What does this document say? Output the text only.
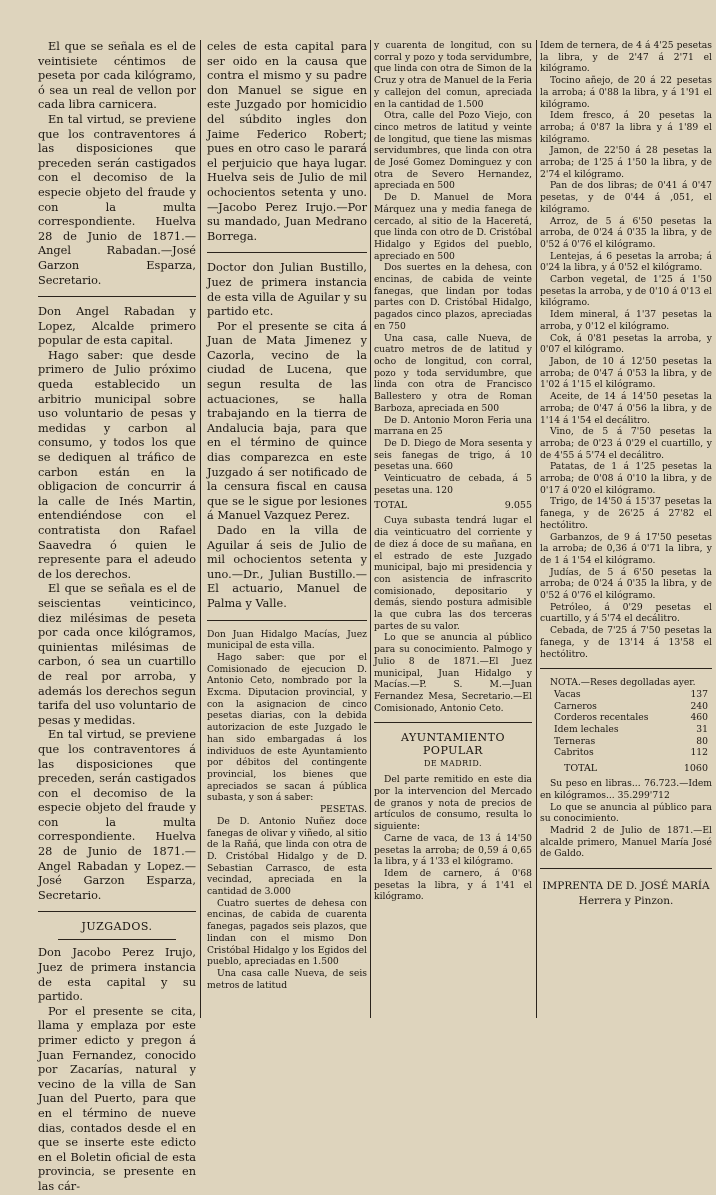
El que se señala es el de veintisiete céntimos de peseta por cada kilógramo, ó sea un real de vellon por cada libra carnicera.

En tal virtud, se previene que los contraventores á las disposiciones que preceden serán castigados con el decomiso de la especie objeto del fraude y con la multa correspondiente. Huelva 28 de Junio de 1871.—Angel Rabadan.—José Garzon Esparza, Secretario.

Don Angel Rabadan y Lopez, Alcalde primero popular de esta capital.

Hago saber: que desde primero de Julio próximo queda establecido un arbitrio municipal sobre uso voluntario de pesas y medidas y carbon al consumo, y todos los que se dediquen al tráfico de carbon están en la obligacion de concurrir á la calle de Inés Martin, entendiéndose con el contratista don Rafael Saavedra ó quien le represente para el adeudo de los derechos.

El que se señala es el de seiscientas veinticinco, diez milésimas de peseta por cada once kilógramos, quinientas milésimas de carbon, ó sea un cuartillo de real por arroba, y además los derechos segun tarifa del uso voluntario de pesas y medidas.

En tal virtud, se previene que los contraventores á las disposiciones que preceden, serán castigados con el decomiso de la especie objeto del fraude y con la multa correspondiente. Huelva 28 de Junio de 1871.—Angel Rabadan y Lopez.—José Garzon Esparza, Secretario.

JUZGADOS.

Don Jacobo Perez Irujo, Juez de primera instancia de esta capital y su partido.

Por el presente se cita, llama y emplaza por este primer edicto y pregon á Juan Fernandez, conocido por Zacarías, natural y vecino de la villa de San Juan del Puerto, para que en el término de nueve dias, contados desde el en que se inserte este edicto en el Boletin oficial de esta provincia, se presente en las cár-

celes de esta capital para ser oido en la causa que contra el mismo y su padre don Manuel se sigue en este Juzgado por homicidio del súbdito ingles don Jaime Federico Robert; pues en otro caso le parará el perjuicio que haya lugar. Huelva seis de Julio de mil ochocientos setenta y uno.—Jacobo Perez Irujo.—Por su mandado, Juan Medrano Borrega.

Doctor don Julian Bustillo, Juez de primera instancia de esta villa de Aguilar y su partido etc.

Por el presente se cita á Juan de Mata Jimenez y Cazorla, vecino de la ciudad de Lucena, que segun resulta de las actuaciones, se halla trabajando en la tierra de Andalucia baja, para que en el término de quince dias comparezca en este Juzgado á ser notificado de la censura fiscal en causa que se le sigue por lesiones á Manuel Vazquez Perez.

Dado en la villa de Aguilar á seis de Julio de mil ochocientos setenta y uno.—Dr., Julian Bustillo.—El actuario, Manuel de Palma y Valle.

Don Juan Hidalgo Macías, Juez municipal de esta villa.

Hago saber: que por el Comisionado de ejecucion D. Antonio Ceto, nombrado por la Excma. Diputacion provincial, y con la asignacion de cinco pesetas diarias, con la debida autorizacion de este Juzgado le han sido embargadas á los individuos de este Ayuntamiento por débitos del contingente provincial, los bienes que apreciados se sacan á pública subasta, y son á saber:

PESETAS.

De D. Antonio Nuñez doce fanegas de olivar y viñedo, al sitio de la Rañá, que linda con otra de D. Cristóbal Hidalgo y de D. Sebastian Carrasco, de esta vecindad, apreciada en la cantidad de 3.000

Cuatro suertes de dehesa con encinas, de cabida de cuarenta fanegas, pagados seis plazos, que lindan con el mismo Don Cristóbal Hidalgo y los Egidos del pueblo, apreciadas en 1.500

Una casa calle Nueva, de seis metros de latitud

y cuarenta de longitud, con su corral y pozo y toda servidumbre, que linda con otra de Simon de la Cruz y otra de Manuel de la Feria y callejon del comun, apreciada en la cantidad de 1.500

Otra, calle del Pozo Viejo, con cinco metros de latitud y veinte de longitud, que tiene las mismas servidumbres, que linda con otra de José Gomez Dominguez y con otra de Severo Hernandez, apreciada en 500

De D. Manuel de Mora Márquez una y media fanega de cercado, al sitio de la Haceretá, que linda con otro de D. Cristóbal Hidalgo y Egidos del pueblo, apreciado en 500

Dos suertes en la dehesa, con encinas, de cabida de veinte fanegas, que lindan por todas partes con D. Cristóbal Hidalgo, pagados cinco plazos, apreciadas en 750

Una casa, calle Nueva, de cuatro metros de de latitud y ocho de longitud, con corral, pozo y toda servidumbre, que linda con otra de Francisco Ballestero y otra de Roman Barboza, apreciada en 500

De D. Antonio Moron Feria una marrana en 25

De D. Diego de Mora sesenta y seis fanegas de trigo, á 10 pesetas una. 660

Veinticuatro de cebada, á 5 pesetas una. 120

TOTAL	9.055

Cuya subasta tendrá lugar el dia veinticuatro del corriente y de diez á doce de su mañana, en el estrado de este Juzgado municipal, bajo mi presidencia y con asistencia de infrascrito comisionado, depositario y demás, siendo postura admisible la que cubra las dos terceras partes de su valor.

Lo que se anuncia al público para su conocimiento. Palmogo y Julio 8 de 1871.—El Juez municipal, Juan Hidalgo y Macías.—P. S. M.—Juan Fernandez Mesa, Secretario.—El Comisionado, Antonio Ceto.

AYUNTAMIENTO POPULAR
DE MADRID.

Del parte remitido en este dia por la intervencion del Mercado de granos y nota de precios de artículos de consumo, resulta lo siguiente:

Carne de vaca, de 13 á 14'50 pesetas la arroba; de 0,59 á 0,65 la libra, y á 1'33 el kilógramo.

Idem de carnero, á 0'68 pesetas la libra, y á 1'41 el kilógramo.

Idem de ternera, de 4 á 4'25 pesetas la libra, y de 2'47 á 2'71 el kilógramo.

Tocino añejo, de 20 á 22 pesetas la arroba; á 0'88 la libra, y á 1'91 el kilógramo.

Idem fresco, á 20 pesetas la arroba; á 0'87 la libra y á 1'89 el kilógramo.

Jamon, de 22'50 á 28 pesetas la arroba; de 1'25 á 1'50 la libra, y de 2'74 el kilógramo.

Pan de dos libras; de 0'41 á 0'47 pesetas, y de 0'44 á ,051, el kilógramo.

Arroz, de 5 á 6'50 pesetas la arroba, de 0'24 á 0'35 la libra, y de 0'52 á 0'76 el kilógramo.

Lentejas, á 6 pesetas la arroba; á 0'24 la libra, y á 0'52 el kilógramo.

Carbon vegetal, de 1'25 á 1'50 pesetas la arroba, y de 0'10 á 0'13 el kilógramo.

Idem mineral, á 1'37 pesetas la arroba, y 0'12 el kilógramo.

Cok, á 0'81 pesetas la arroba, y 0'07 el kilógramo.

Jabon, de 10 á 12'50 pesetas la arroba; de 0'47 á 0'53 la libra, y de 1'02 á 1'15 el kilógramo.

Aceite, de 14 á 14'50 pesetas la arroba; de 0'47 á 0'56 la libra, y de 1'14 á 1'54 el decálitro.

Vino, de 5 á 7'50 pesetas la arroba; de 0'23 á 0'29 el cuartillo, y de 4'55 á 5'74 el decálitro.

Patatas, de 1 á 1'25 pesetas la arroba; de 0'08 á 0'10 la libra, y de 0'17 á 0'20 el kilógramo.

Trigo, de 14'50 á 15'37 pesetas la fanega, y de 26'25 á 27'82 el hectólitro.

Garbanzos, de 9 á 17'50 pesetas la arroba; de 0,36 á 0'71 la libra, y de 1 á 1'54 el kilógramo.

Judías, de 5 á 6'50 pesetas la arroba; de 0'24 á 0'35 la libra, y de 0'52 á 0'76 el kilógramo.

Petróleo, á 0'29 pesetas el cuartillo, y á 5'74 el decálitro.

Cebada, de 7'25 á 7'50 pesetas la fanega, y de 13'14 á 13'58 el hectólitro.

NOTA.—Reses degolladas ayer.

Vacas	137
Carneros	240
Corderos recentales	460
Idem lechales	31
Terneras	80
Cabritos	112
TOTAL	1060

Su peso en libras... 76.723.—Idem en kilógramos... 35.299'712

Lo que se anuncia al público para su conocimiento.

Madrid 2 de Julio de 1871.—El alcalde primero, Manuel María José de Galdo.

IMPRENTA DE D. JOSÉ MARÍA
Herrera y Pinzon.
